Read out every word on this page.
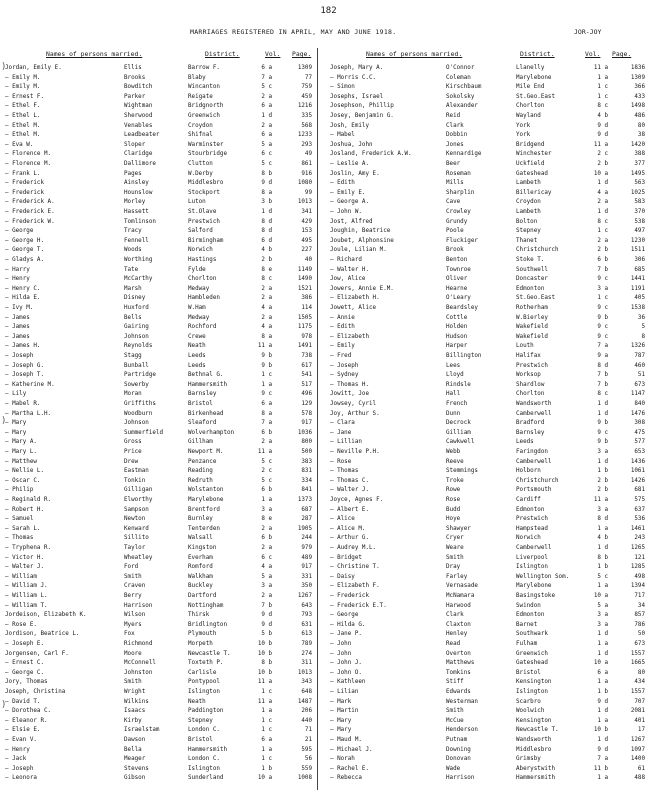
)
)
)
182
MARRIAGES REGISTERED IN APRIL, MAY AND JUNE 1918.	JOR-JOY
Names of persons married.	District.	Vol. Page.	Names of persons married.	District.	Vol. Page.
Jordan, Emily E.	Ellis	Barrow F.	6 a	1309
— Emily M.	Brooks	Blaby	7 a	77
— Emily M.	Bowditch	Wincanton	5 c	759
— Ernest F.	Parker	Reigate	2 a	459
— Ethel F.	Wightman	Bridgnorth	6 a	1216
— Ethel L.	Sherwood	Greenwich	1 d	335
— Ethel M.	Venables	Croydon	2 a	568
— Ethel M.	Leadbeater	Shifnal	6 a	1233
— Eva W.	Sloper	Warminster	5 a	293
— Florence M.	Claridge	Stourbridge	6 c	49
— Florence M.	Dallimore	Clutton	5 c	861
— Frank L.	Pages	W.Derby	8 b	916
— Frederick	Ainsley	Middlesbro	9 d	1080
— Frederick	Hounslow	Stockport	8 a	99
— Frederick A.	Morley	Luton	3 b	1013
— Frederick E.	Hassett	St.Olave	1 d	341
— Frederick W.	Tomlinson	Prestwich	8 d	429
— George	Tracy	Salford	8 d	153
— George H.	Fennell	Birmingham	6 d	495
— George T.	Woods	Norwich	4 b	227
— Gladys A.	Worthing	Hastings	2 b	40
— Harry	Tate	Fylde	8 e	1149
— Henry	McCarthy	Chorlton	8 c	1490
— Henry C.	Marsh	Medway	2 a	1521
— Hilda E.	Disney	Hambleden	2 a	386
— Ivy M.	Huxford	W.Ham	4 a	114
— James	Bells	Medway	2 a	1505
— James	Gairing	Rochford	4 a	1175
— James	Johnson	Crewe	8 a	978
— James H.	Reynolds	Neath	11 a	1491
— Joseph	Stagg	Leeds	9 b	738
— Joseph G.	Bunball	Leeds	9 b	617
— Joseph T.	Partridge	Bethnal G.	1 c	541
— Katherine M.	Sowerby	Hammersmith	1 a	517
— Lily	Moran	Barnsley	9 c	496
— Mabel R.	Griffiths	Bristol	6 a	129
— Martha L.H.	Woodburn	Birkenhead	8 a	578
— Mary	Johnson	Sleaford	7 a	917
— Mary	Summerfield	Wolverhampton	6 b	1036
— Mary A.	Gross	Gillham	2 a	800
— Mary L.	Price	Newport M.	11 a	500
— Matthew	Drew	Penzance	5 c	383
— Nellie L.	Eastman	Reading	2 c	831
— Oscar C.	Tonkin	Redruth	5 c	334
— Philip	Gilligan	Wolstanton	6 b	841
— Reginald R.	Elworthy	Marylebone	1 a	1373
— Robert H.	Sampson	Brentford	3 a	687
— Samuel	Newton	Burnley	8 e	287
— Sarah L.	Kenward	Tenterden	2 a	1905
— Thomas	Sillito	Walsall	6 b	244
— Tryphena R.	Taylor	Kingston	2 a	979
— Victor H.	Wheatley	Everham	6 c	489
— Walter J.	Ford	Romford	4 a	917
— William	Smith	Walkham	5 a	331
— William J.	Craven	Buckley	3 a	350
— William L.	Berry	Dartford	2 a	1267
— William T.	Harrison	Nottingham	7 b	643
Jordeison, Elizabeth K.	Wilson	Thirsk	9 d	793
— Rose E.	Myers	Bridlington	9 d	631
Jordison, Beatrice L.	Fox	Plymouth	5 b	613
— Joseph E.	Richmond	Morpeth	10 b	789
Jorgensen, Carl F.	Moore	Newcastle T.	10 b	274
— Ernest C.	McConnell	Toxteth P.	8 b	311
— George C.	Johnston	Carlisle	10 b	1013
Jory, Thomas	Smith	Pontypool	11 a	343
Joseph, Christina	Wright	Islington	1 c	648
— David T.	Wilkins	Neath	11 a	1487
— Dorothea C.	Isaacs	Paddington	1 a	206
— Eleanor R.	Kirby	Stepney	1 c	440
— Elsie E.	Israelstam	London C.	1 c	71
— Evan V.	Dawson	Bristol	6 a	21
— Henry	Bella	Hammersmith	1 a	595
— Jack	Meager	London C.	1 c	56
— Joseph	Stevens	Islington	1 b	559
— Leonora	Gibson	Sunderland	10 a	1008
Joseph, Mary A.	O'Connor	Llanelly	11 a	1836
— Morris C.C.	Coleman	Marylebone	1 a	1309
— Simon	Kirschbaum	Mile End	1 c	366
Josephs, Israel	Sokolsky	St.Geo.East	1 c	433
Josephson, Phillip	Alexander	Chorlton	8 c	1498
Josey, Benjamin G.	Reid	Wayland	4 b	486
Josh, Emily	Clark	York	9 d	80
— Mabel	Dobbin	York	9 d	38
Joshua, John	Jones	Bridgend	11 a	1420
Josland, Frederick A.W.	Kennardige	Winchester	2 c	388
— Leslie A.	Beer	Uckfield	2 b	377
Joslin, Amy E.	Roseman	Gateshead	10 a	1495
— Edith	Mills	Lambeth	1 d	563
— Emily E.	Sharplin	Billericay	4 a	1025
— George A.	Cave	Croydon	2 a	583
— John W.	Crowley	Lambeth	1 d	370
Jost, Alfred	Grundy	Bolton	8 c	538
Joughin, Beatrice	Poole	Stepney	1 c	497
Joubet, Alphonsine	Fluckiger	Thanet	2 a	1230
Joule, Lilian M.	Brook	Christchurch	2 b	1511
— Richard	Benton	Stoke T.	6 b	306
— Walter H.	Townroe	Southwell	7 b	685
Jow, Alice	Oliver	Doncaster	9 c	1441
Jowers, Annie E.M.	Hearne	Edmonton	3 a	1191
— Elizabeth H.	O'Leary	St.Geo.East	1 c	405
Jowett, Alice	Beardsley	Rotherham	9 c	1538
— Annie	Cottle	W.Bierley	9 b	36
— Edith	Holden	Wakefield	9 c	5
— Elizabeth	Hudson	Wakefield	9 c	8
— Emily	Harper	Louth	7 a	1326
— Fred	Billington	Halifax	9 a	787
— Joseph	Lees	Prestwich	8 d	460
— Sydney	Lloyd	Worksop	7 b	51
— Thomas H.	Rindsle	Shardlow	7 b	673
Jowitt, Joe	Hall	Chorlton	8 c	1147
Jowsey, Cyril	French	Wandsworth	1 d	840
Joy, Arthur S.	Dunn	Camberwell	1 d	1476
— Clara	Decrock	Bradford	9 b	308
— Jane	Gilliam	Barnsley	9 c	475
— Lillian	Cawkwell	Leeds	9 b	577
— Neville P.H.	Webb	Faringdon	3 a	653
— Rose	Reeve	Camberwell	1 d	1436
— Thomas	Stemmings	Holborn	1 b	1061
— Thomas C.	Troke	Christchurch	2 b	1426
— Walter J.	Rowe	Portsmouth	2 b	681
Joyce, Agnes F.	Rose	Cardiff	11 a	575
— Albert E.	Budd	Edmonton	3 a	637
— Alice	Hoye	Prestwich	8 d	536
— Alice M.	Shawyer	Hampstead	1 a	1461
— Arthur G.	Cryer	Norwich	4 b	243
— Audrey M.L.	Weare	Camberwell	1 d	1265
— Bridget	Smith	Liverpool	8 b	121
— Christine T.	Dray	Islington	1 b	1285
— Daisy	Farley	Wellington Som.	5 c	498
— Elizabeth F.	Vernasade	Marylebone	1 a	1394
— Frederick	McNamara	Basingstoke	10 a	717
— Frederick E.T.	Harwood	Swindon	5 a	34
— George	Clark	Edmonton	3 a	857
— Hilda G.	Claxton	Barnet	3 a	786
— Jane P.	Henley	Southwark	1 d	50
— John	Read	Fulham	1 a	673
— John	Overton	Greenwich	1 d	1557
— John J.	Matthews	Gateshead	10 a	1665
— John O.	Tomkins	Bristol	6 a	80
— Kathleen	Stiff	Kensington	1 a	434
— Lilian	Edwards	Islington	1 b	1557
— Mark	Westerman	Scarbro	9 d	707
— Martin	Smith	Woolwich	1 d	2081
— Mary	McCue	Kensington	1 a	401
— Mary	Henderson	Newcastle T.	10 b	17
— Maud M.	Putnam	Wandsworth	1 d	1267
— Michael J.	Downing	Middlesbro	9 d	1097
— Norah	Donovan	Grimsby	7 a	1400
— Rachel E.	Wade	Aberystwith	11 b	61
— Rebecca	Harrison	Hammersmith	1 a	488
